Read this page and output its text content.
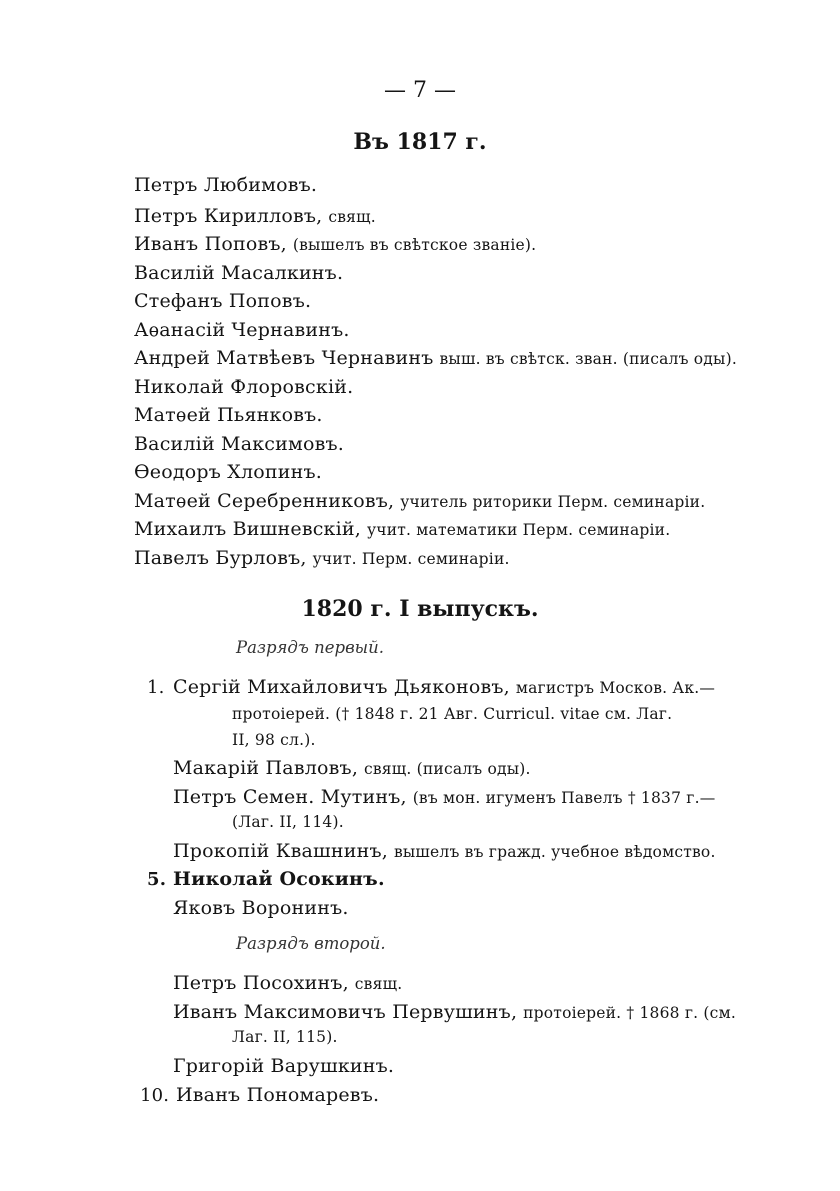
— 7 —
Въ 1817 г.
Петръ Любимовъ.
Петръ Кирилловъ, свящ.
Иванъ Поповъ, (вышелъ въ свѣтское званіе).
Василій Масалкинъ.
Стефанъ Поповъ.
Аѳанасій Чернавинъ.
Андрей Матвѣевъ Чернавинъ выш. въ свѣтск. зван. (писалъ оды).
Николай Флоровскій.
Матѳей Пьянковъ.
Василій Максимовъ.
Ѳеодоръ Хлопинъ.
Матѳей Серебренниковъ, учитель риторики Перм. семинаріи.
Михаилъ Вишневскій, учит. математики Перм. семинаріи.
Павелъ Бурловъ, учит. Перм. семинаріи.
1820 г. I выпускъ.
Разрядъ первый.
1. Сергій Михайловичъ Дьяконовъ, магистръ Москов. Ак.—
протоіерей. († 1848 г. 21 Авг. Curricul. vitae см. Лаг.
II, 98 сл.).
Макарій Павловъ, свящ. (писалъ оды).
Петръ Семен. Мутинъ, (въ мон. игуменъ Павелъ † 1837 г.—
(Лаг. II, 114).
Прокопій Квашнинъ, вышелъ въ гражд. учебное вѣдомство.
5. Николай Осокинъ.
Яковъ Воронинъ.
Разрядъ второй.
Петръ Посохинъ, свящ.
Иванъ Максимовичъ Первушинъ, протоіерей. † 1868 г. (см.
Лаг. II, 115).
Григорій Варушкинъ.
10. Иванъ Пономаревъ.
